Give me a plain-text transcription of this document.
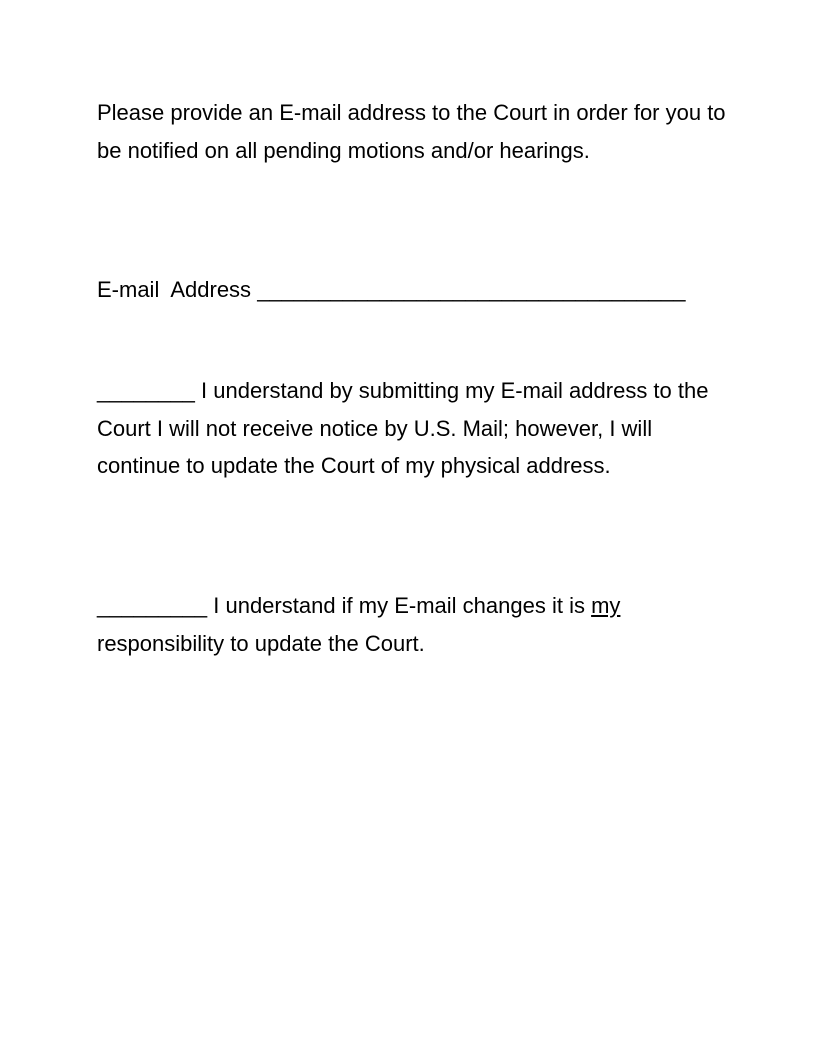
Please provide an E-mail address to the Court in order for you to be notified on all pending motions and/or hearings.

E-mail  Address ___________________________________

________ I understand by submitting my E-mail address to the Court I will not receive notice by U.S. Mail; however, I will continue to update the Court of my physical address.

_________ I understand if my E-mail changes it is my responsibility to update the Court.
